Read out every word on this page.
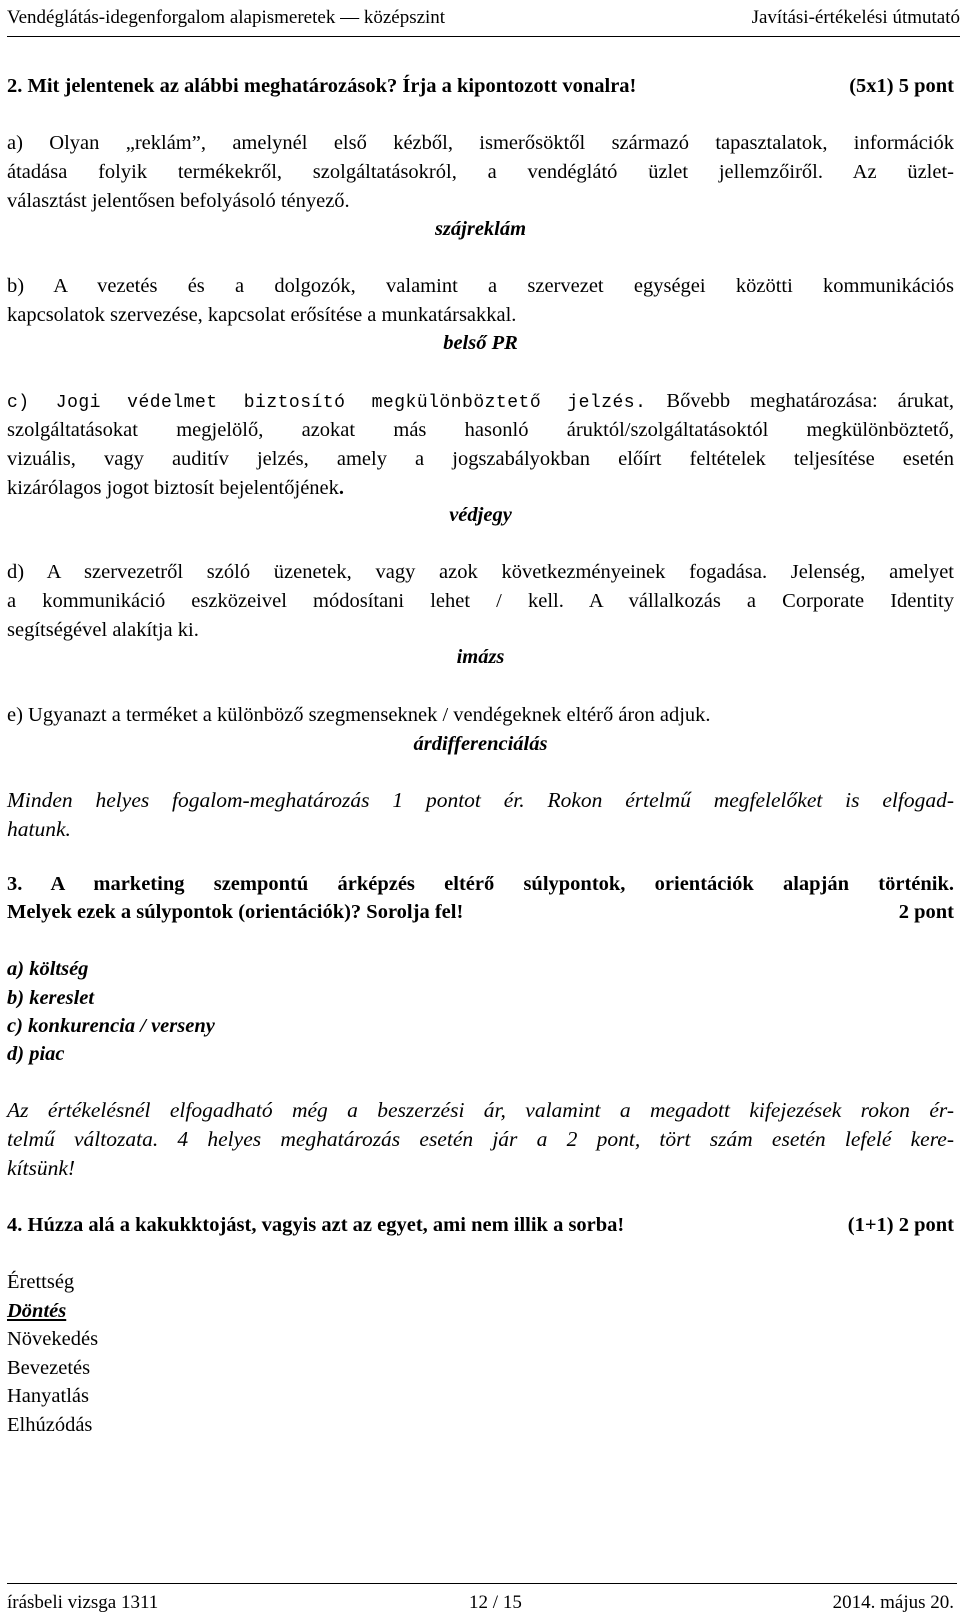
Vendéglátás-idegenforgalom alapismeretek — középszint	Javítási-értékelési útmutató
2. Mit jelentenek az alábbi meghatározások? Írja a kipontozott vonalra!	(5x1) 5 pont
a) Olyan „reklám”, amelynél első kézből, ismerősöktől származó tapasztalatok, információk
átadása folyik termékekről, szolgáltatásokról, a vendéglátó üzlet jellemzőiről. Az üzlet-
választást jelentősen befolyásoló tényező.
szájreklám
b) A vezetés és a dolgozók, valamint a szervezet egységei közötti kommunikációs
kapcsolatok szervezése, kapcsolat erősítése a munkatársakkal.
belső PR
c) Jogi védelmet biztosító megkülönböztető jelzés. Bővebb meghatározása: árukat,
szolgáltatásokat megjelölő, azokat más hasonló áruktól/szolgáltatásoktól megkülönböztető,
vizuális, vagy auditív jelzés, amely a jogszabályokban előírt feltételek teljesítése esetén
kizárólagos jogot biztosít bejelentőjének.
védjegy
d) A szervezetről szóló üzenetek, vagy azok következményeinek fogadása. Jelenség, amelyet
a kommunikáció eszközeivel módosítani lehet / kell. A vállalkozás a Corporate Identity
segítségével alakítja ki.
imázs
e) Ugyanazt a terméket a különböző szegmenseknek / vendégeknek eltérő áron adjuk.
árdifferenciálás
Minden helyes fogalom-meghatározás 1 pontot ér. Rokon értelmű megfelelőket is elfogad-
hatunk.
3. A marketing szempontú árképzés eltérő súlypontok, orientációk alapján történik.
Melyek ezek a súlypontok (orientációk)? Sorolja fel!	2 pont
a) költség
b) kereslet
c) konkurencia / verseny
d) piac
Az értékelésnél elfogadható még a beszerzési ár, valamint a megadott kifejezések rokon ér-
telmű változata. 4 helyes meghatározás esetén jár a 2 pont, tört szám esetén lefelé kere-
kítsünk!
4. Húzza alá a kakukktojást, vagyis azt az egyet, ami nem illik a sorba!	(1+1) 2 pont
Érettség
Döntés
Növekedés
Bevezetés
Hanyatlás
Elhúzódás
írásbeli vizsga 1311	12 / 15	2014. május 20.
